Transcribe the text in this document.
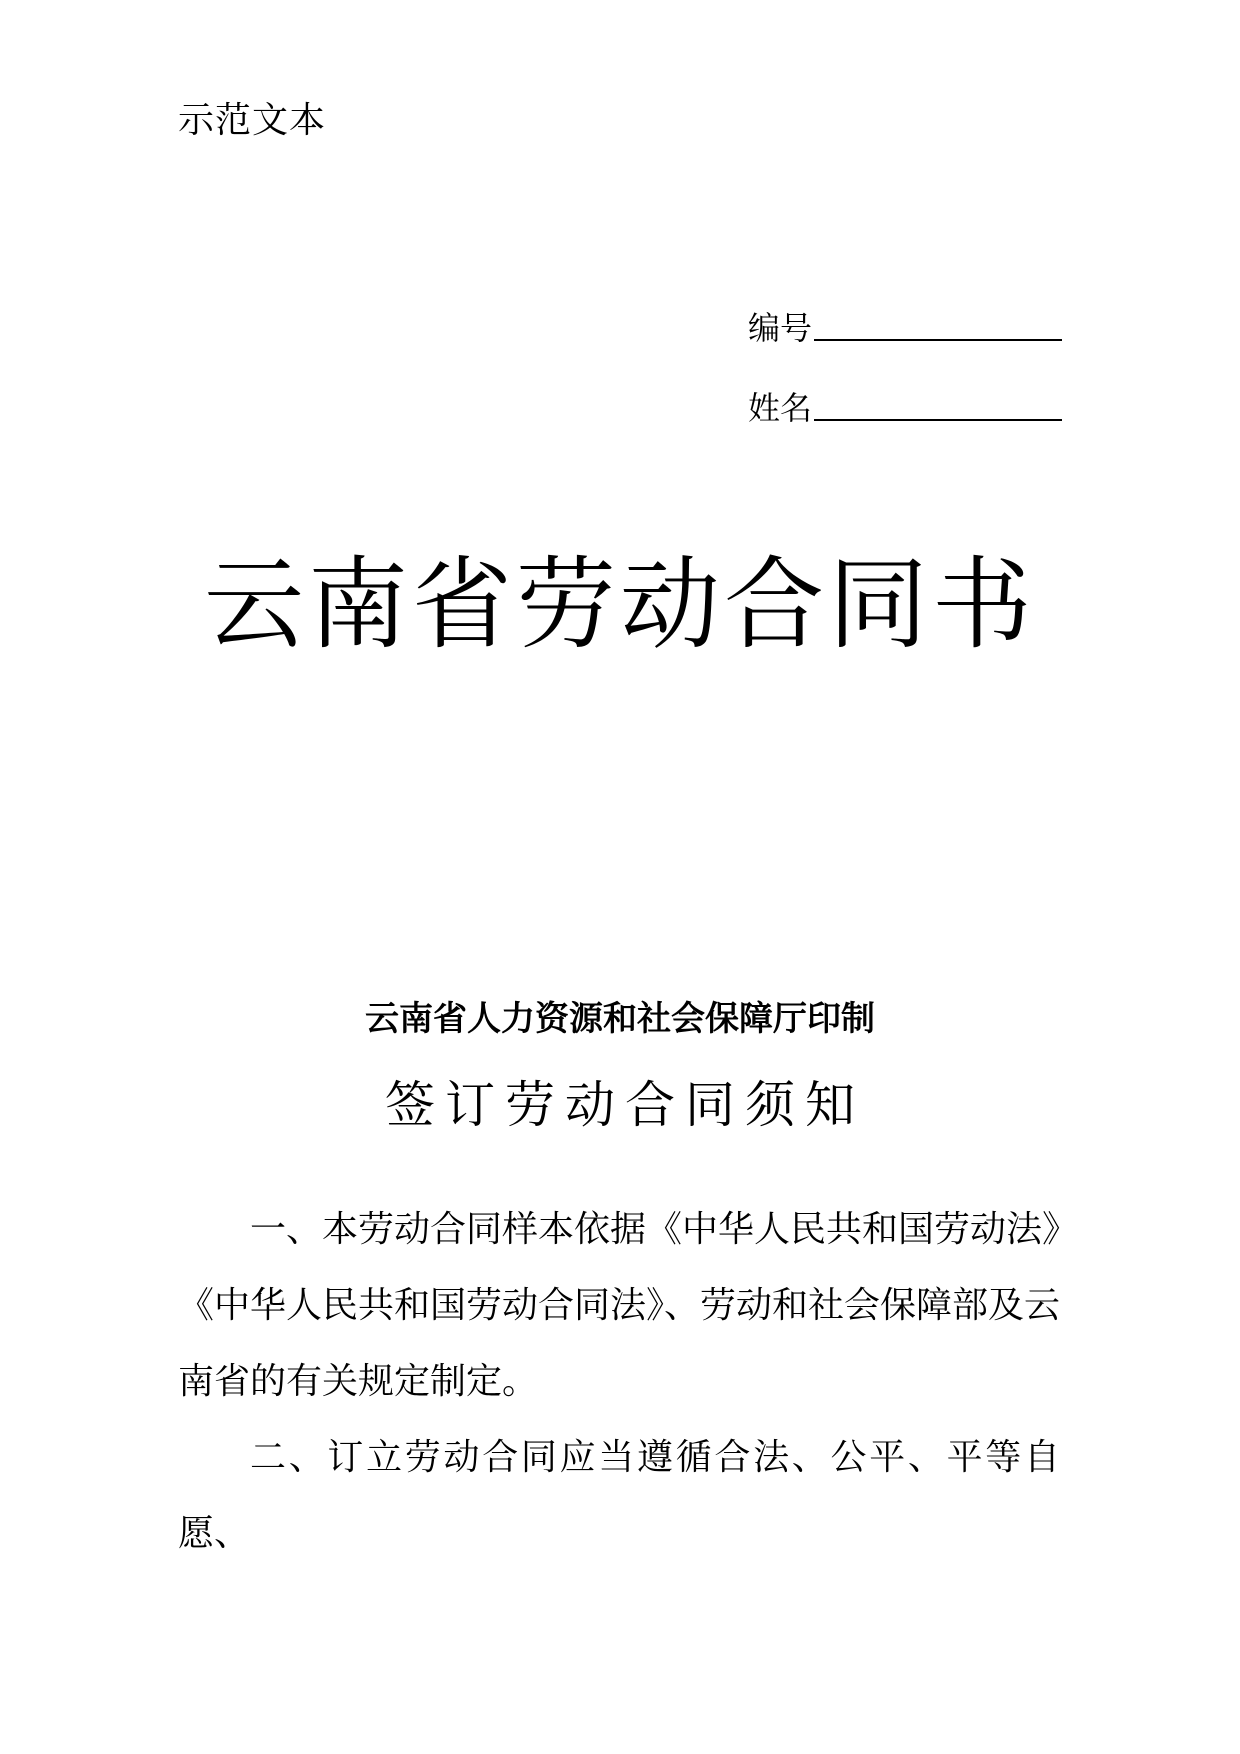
示范文本
编号
姓名
云南省劳动合同书
云南省人力资源和社会保障厅印制
签订劳动合同须知

一、本劳动合同样本依据《中华人民共和国劳动法》《中华人民共和国劳动合同法》、劳动和社会保障部及云南省的有关规定制定。

二、订立劳动合同应当遵循合法、公平、平等自愿、
